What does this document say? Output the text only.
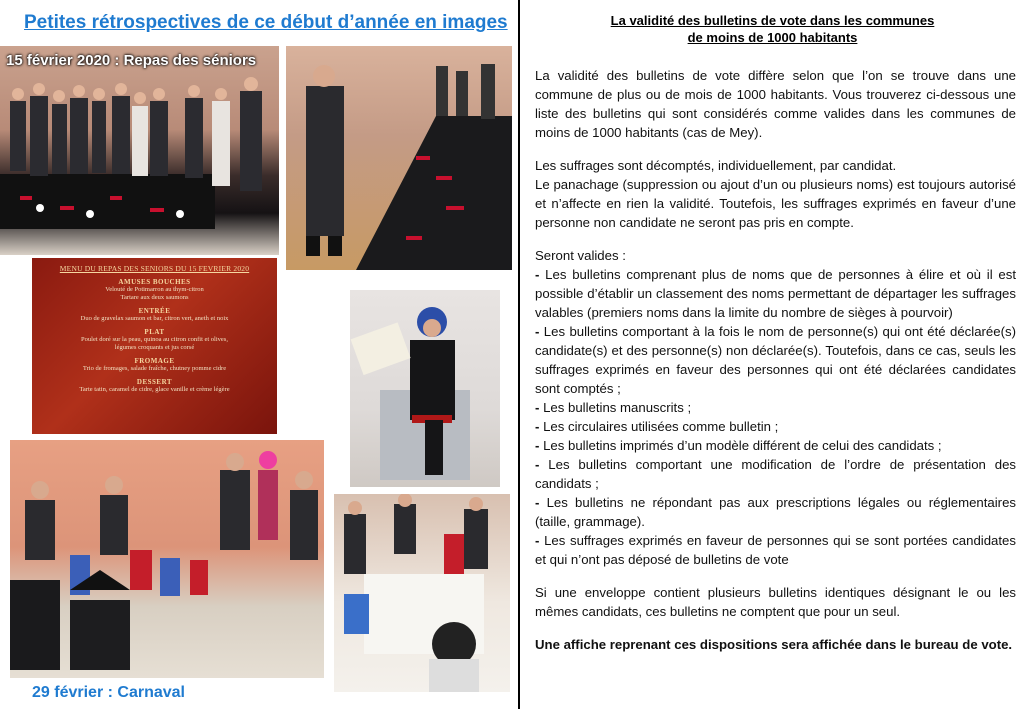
Petites rétrospectives de ce début d’année en images
15 février 2020 : Repas des séniors
MENU DU REPAS DES SENIORS DU 15 FEVRIER 2020
AMUSES BOUCHES
Velouté de Potimarron au thym-citron
Tartare aux deux saumons
ENTRÉE
Duo de gravelax saumon et bar, citron vert, aneth et noix
PLAT
Poulet doré sur la peau, quinoa au citron confit et olives,
légumes croquants et jus corsé
FROMAGE
Trio de fromages, salade fraîche, chutney pomme cidre
DESSERT
Tarte tatin, caramel de cidre, glace vanille et crème légère
29 février : Carnaval
La validité des bulletins de vote dans les communes
de moins de 1000 habitants

La validité des bulletins de vote diffère selon que l’on se trouve dans une commune de plus ou de mois de 1000 habitants. Vous trouverez ci-dessous une liste des bulletins qui sont considérés comme valides dans les communes de moins de 1000 habitants (cas de Mey).

Les suffrages sont décomptés, individuellement, par candidat.

Le panachage (suppression ou ajout d’un ou plusieurs noms) est toujours autorisé et n’affecte en rien la validité. Toutefois, les suffrages exprimés en faveur d’une personne non candidate ne seront pas pris en compte.

Seront valides :

- Les bulletins comprenant plus de noms que de personnes à élire et où il est possible d’établir un classement des noms permettant de départager les suffrages valables (premiers noms dans la limite du nombre de sièges à pourvoir)

- Les bulletins comportant à la fois le nom de personne(s) qui ont été déclarée(s) candidate(s) et des personne(s) non déclarée(s). Toutefois, dans ce cas, seuls les suffrages exprimés en faveur des personnes qui ont été déclarées candidates sont comptés ;

- Les bulletins manuscrits ;

- Les circulaires utilisées comme bulletin ;

- Les bulletins imprimés d’un modèle différent de celui des candidats ;

- Les bulletins comportant une modification de l’ordre de présentation des candidats ;

- Les bulletins ne répondant pas aux prescriptions légales ou réglementaires (taille, grammage).

- Les suffrages exprimés en faveur de personnes qui se sont portées candidates et qui n’ont pas déposé de bulletins de vote

Si une enveloppe contient plusieurs bulletins identiques désignant le ou les mêmes candidats, ces bulletins ne comptent que pour un seul.

Une affiche reprenant ces dispositions sera affichée dans le bureau de vote.
